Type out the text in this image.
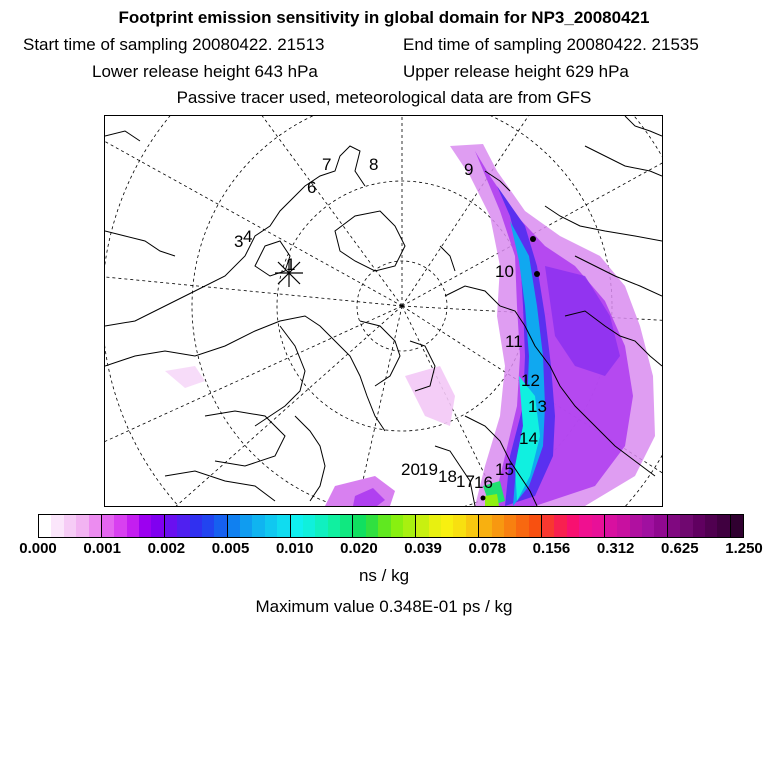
Footprint emission sensitivity in global domain for NP3_20080421
Start time of sampling 20080422. 21513	End time of sampling 20080422. 21535
Lower release height 643 hPa	Upper release height 629 hPa
Passive tracer used, meteorological data are from GFS
1
3 4
6
7 8	9
10
11
12
13
14
15
16
17
18
19
20
0.000 0.001 0.002 0.005 0.010 0.020 0.039 0.078 0.156 0.312 0.625 1.250
ns / kg
Maximum value 0.348E-01 ps / kg
